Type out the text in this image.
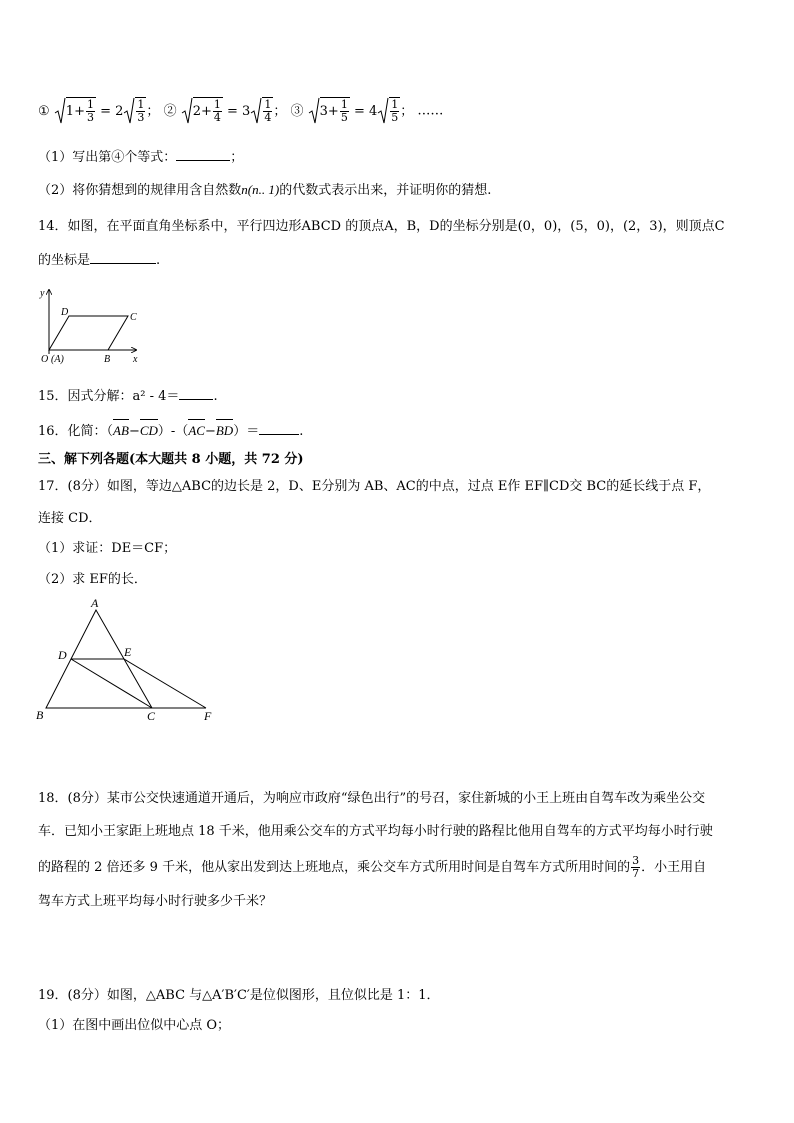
① $1+ \frac{1}{3} = 2 \frac{1}{3}$ ； ② $2+ \frac{1}{4} = 3 \frac{1}{4}$ ； ③ $3+ \frac{1}{5} = 4 \frac{1}{5}$ ； ……
（1）写出第④个等式：	；
（2）将你猜想到的规律用含自然数n(n.. 1)的代数式表示出来，并证明你的猜想.
14．如图，在平面直角坐标系中，平行四边形ABCD 的顶点A，B，D的坐标分别是(0，0)，(5，0)，(2，3)，则顶点C
的坐标是	.
y
x
O (A)	B
C
D
15．因式分解：a² - 4＝	.
16．化简：（AB−CD）-（AC−BD）＝	.
三、解下列各题(本大题共 8 小题，共 72 分)
17．(8分）如图，等边△ABC的边长是 2，D、E分别为 AB、AC的中点，过点 E作 EF∥CD交 BC的延长线于点 F，
连接 CD．
（1）求证：DE＝CF；
（2）求 EF的长．
A
B	C
D	E
F
18．(8分）某市公交快速通道开通后，为响应市政府“绿色出行”的号召，家住新城的小王上班由自驾车改为乘坐公交
车．已知小王家距上班地点 18 千米，他用乘公交车的方式平均每小时行驶的路程比他用自驾车的方式平均每小时行驶
的路程的 2 倍还多 9 千米，他从家出发到达上班地点，乘公交车方式所用时间是自驾车方式所用时间的 $\frac{3}{7}$ ．小王用自
驾车方式上班平均每小时行驶多少千米？
19．(8分）如图，△ABC 与△A′B′C′是位似图形，且位似比是 1：1．
（1）在图中画出位似中心点 O；
